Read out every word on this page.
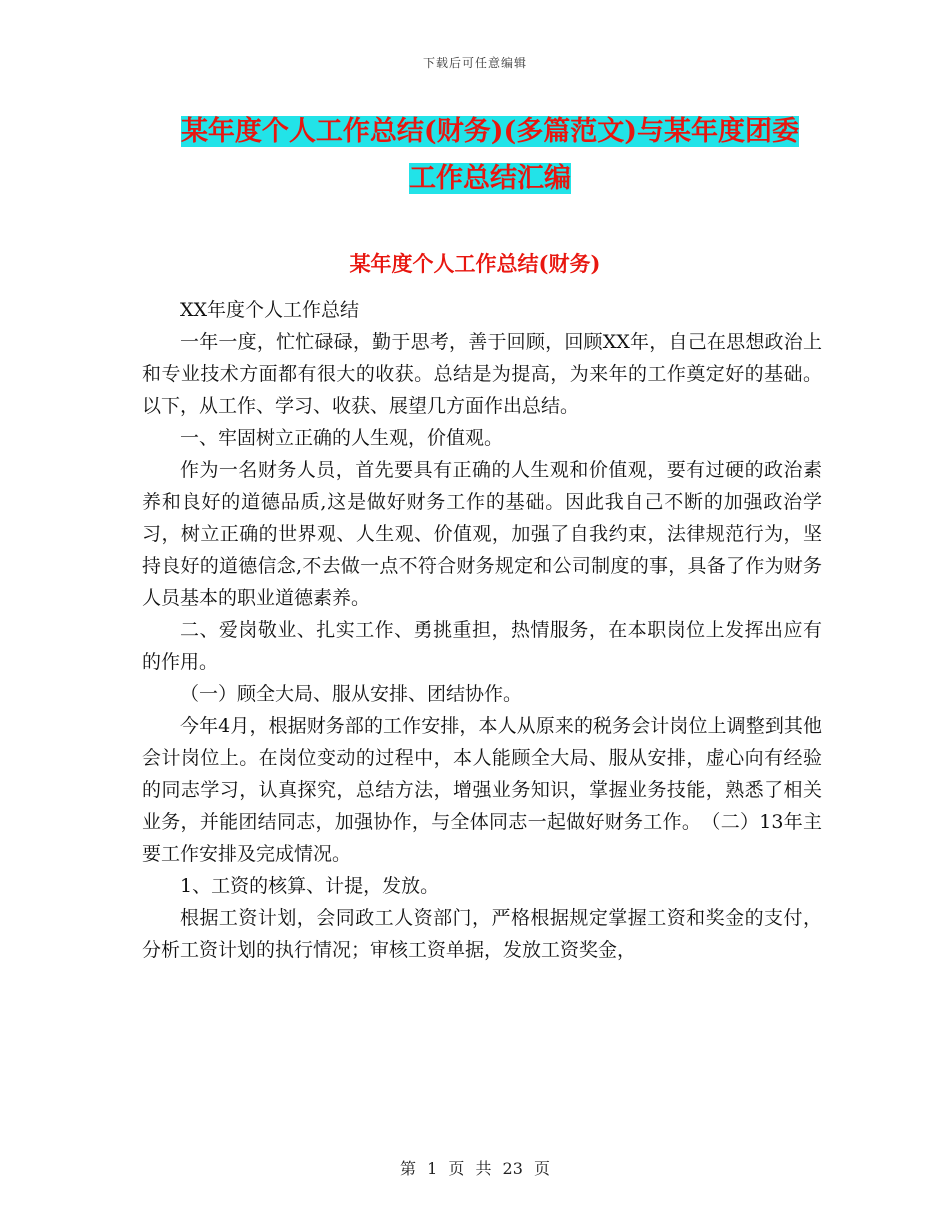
下载后可任意编辑
某年度个人工作总结(财务)(多篇范文)与某年度团委
工作总结汇编
某年度个人工作总结(财务)

XX年度个人工作总结

一年一度，忙忙碌碌，勤于思考，善于回顾，回顾XX年，自己在思想政治上和专业技术方面都有很大的收获。总结是为提高，为来年的工作奠定好的基础。以下，从工作、学习、收获、展望几方面作出总结。

一、牢固树立正确的人生观，价值观。

作为一名财务人员，首先要具有正确的人生观和价值观，要有过硬的政治素养和良好的道德品质,这是做好财务工作的基础。因此我自己不断的加强政治学习，树立正确的世界观、人生观、价值观，加强了自我约束，法律规范行为，坚持良好的道德信念,不去做一点不符合财务规定和公司制度的事，具备了作为财务人员基本的职业道德素养。

二、爱岗敬业、扎实工作、勇挑重担，热情服务，在本职岗位上发挥出应有的作用。

（一）顾全大局、服从安排、团结协作。

今年4月，根据财务部的工作安排，本人从原来的税务会计岗位上调整到其他会计岗位上。在岗位变动的过程中，本人能顾全大局、服从安排，虚心向有经验的同志学习，认真探究，总结方法，增强业务知识，掌握业务技能，熟悉了相关业务，并能团结同志，加强协作，与全体同志一起做好财务工作。　（二）13年主要工作安排及完成情况。

1、工资的核算、计提，发放。

根据工资计划，会同政工人资部门，严格根据规定掌握工资和奖金的支付，分析工资计划的执行情况；审核工资单据，发放工资奖金，

第 1 页 共 23 页
